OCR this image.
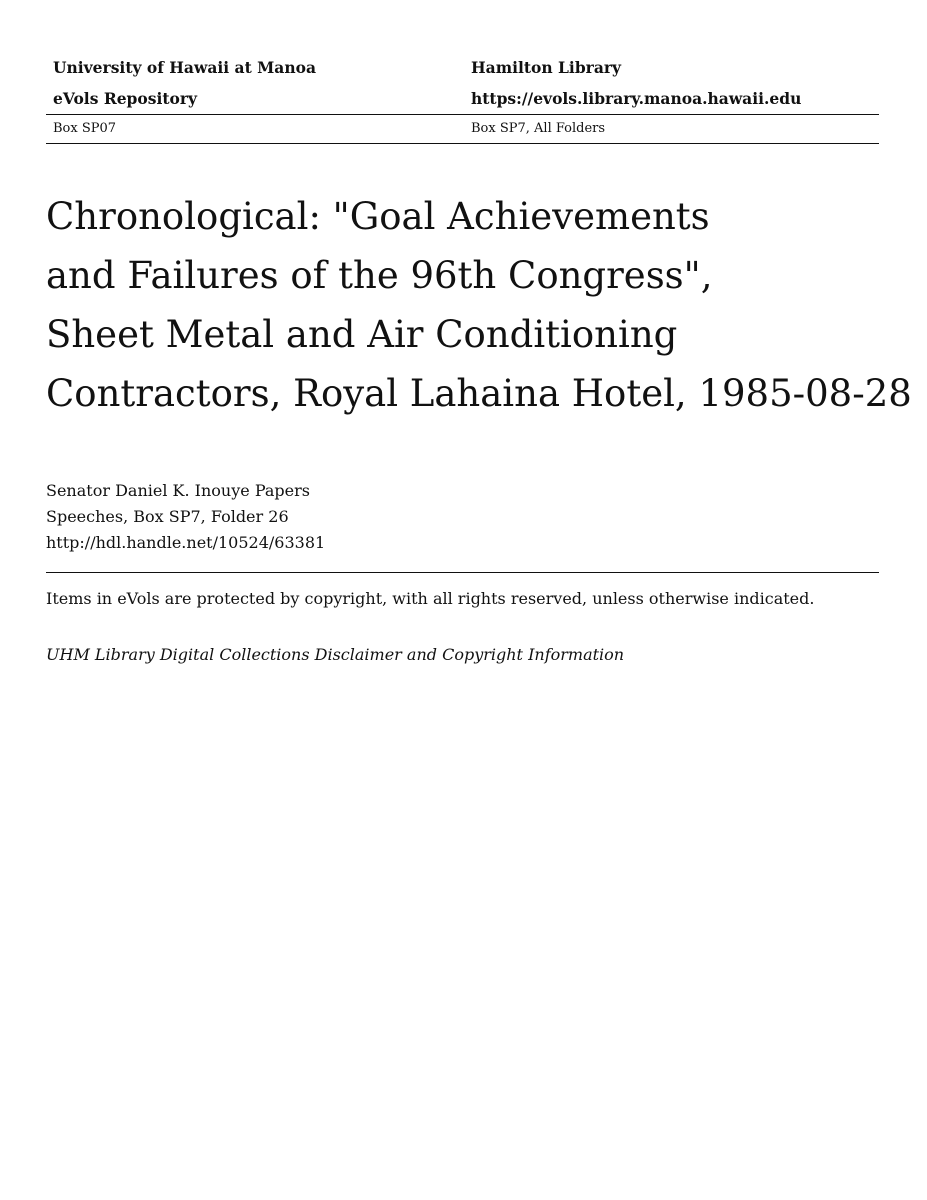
University of Hawaii at Manoa	Hamilton Library
eVols Repository	https://evols.library.manoa.hawaii.edu
Box SP07	Box SP7, All Folders
Chronological: "Goal Achievements
and Failures of the 96th Congress",
Sheet Metal and Air Conditioning
Contractors, Royal Lahaina Hotel, 1985-08-28
Senator Daniel K. Inouye Papers
Speeches, Box SP7, Folder 26
http://hdl.handle.net/10524/63381
Items in eVols are protected by copyright, with all rights reserved, unless otherwise indicated.
UHM Library Digital Collections Disclaimer and Copyright Information
